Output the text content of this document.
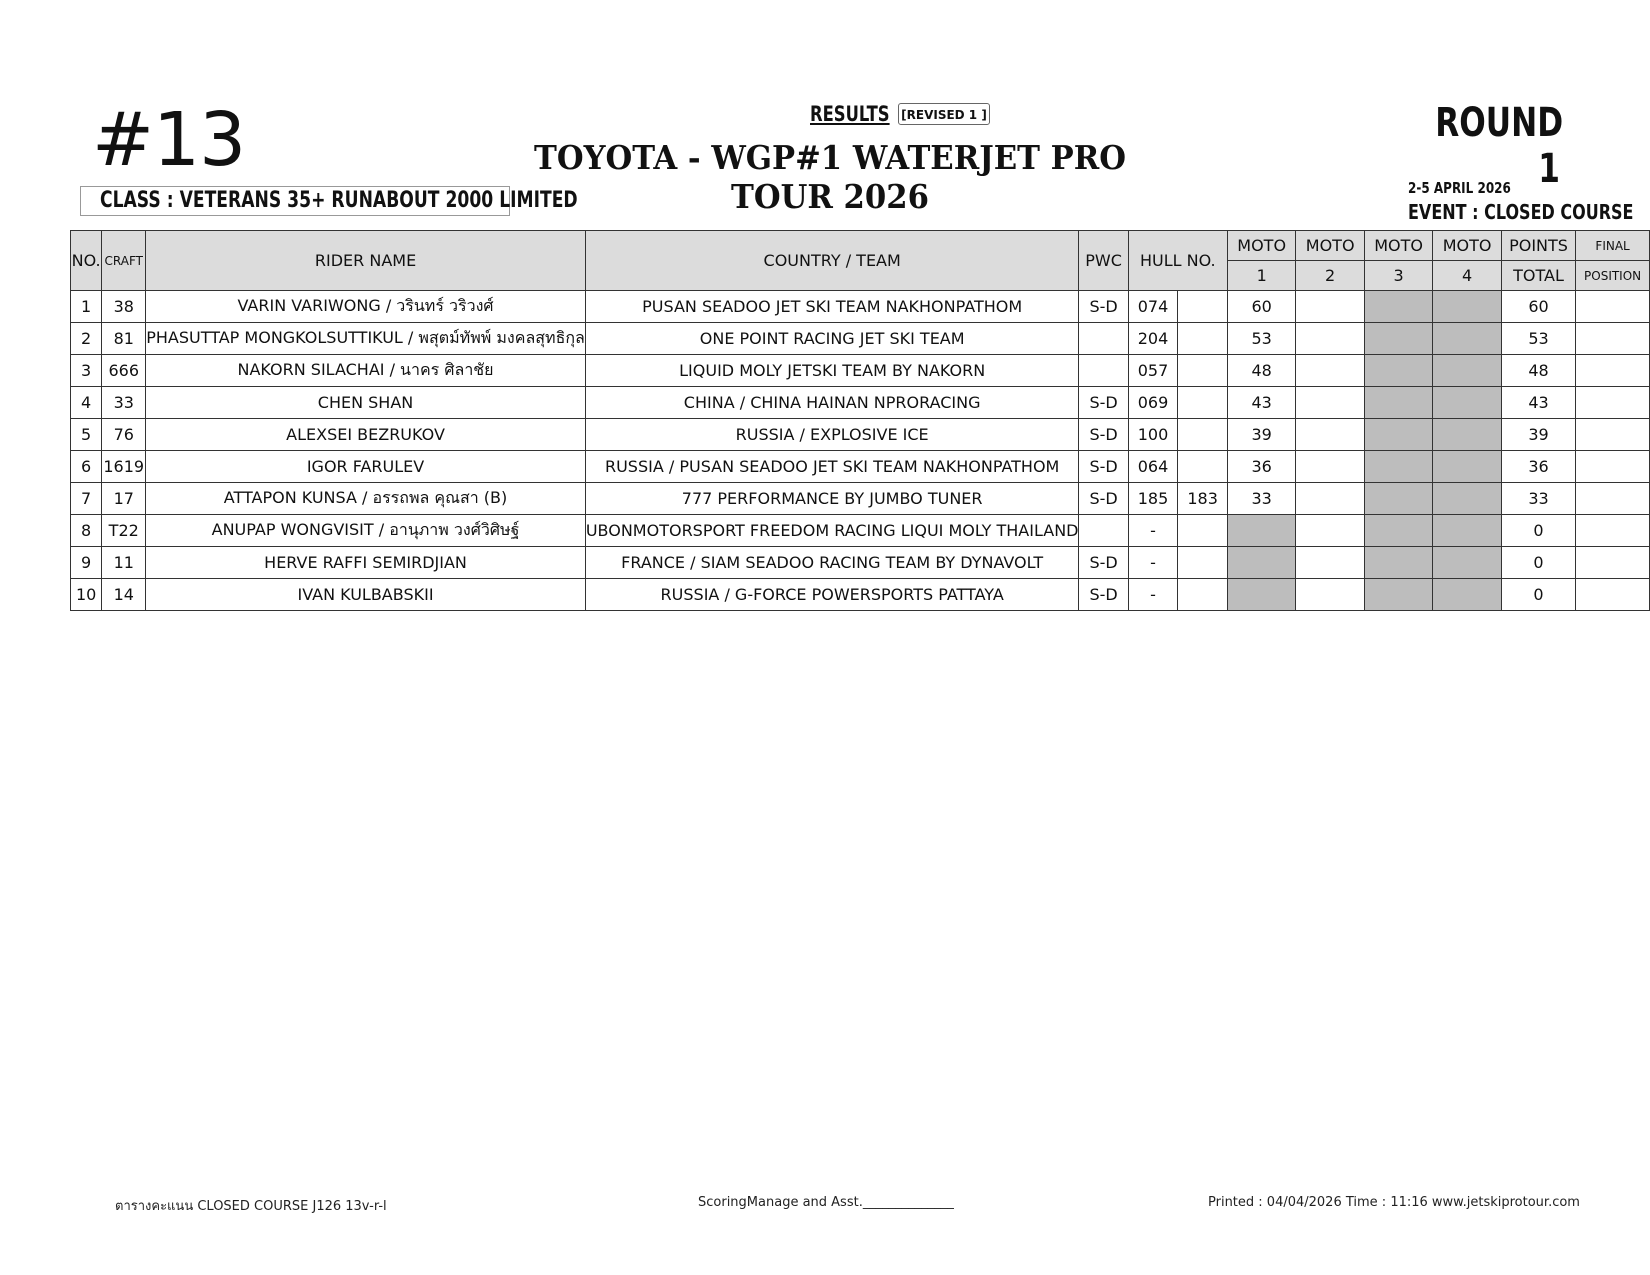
#13	RESULTS [REVISED 1 ]
TOYOTA - WGP#1 WATERJET PRO TOUR 2026
ROUND 1
CLASS : VETERANS 35+ RUNABOUT 2000 LIMITED	2-5 APRIL 2026
EVENT : CLOSED COURSE
NO.	CRAFT	RIDER NAME	COUNTRY / TEAM	PWC	HULL NO.		MOTO	MOTO	MOTO	MOTO	POINTS	FINAL
							1	2	3	4	TOTAL	POSITION
1	38	VARIN VARIWONG / วรินทร์ วริวงศ์	PUSAN SEADOO JET SKI TEAM NAKHONPATHOM	S-D	074		60				60	
2	81	PHASUTTAP MONGKOLSUTTIKUL / พสุตม์ทัพพ์ มงคลสุทธิกุล	ONE POINT RACING JET SKI TEAM		204		53				53	
3	666	NAKORN SILACHAI / นาคร ศิลาชัย	LIQUID MOLY JETSKI TEAM BY NAKORN		057		48				48	
4	33	CHEN SHAN	CHINA / CHINA HAINAN NPRORACING	S-D	069		43				43	
5	76	ALEXSEI BEZRUKOV	RUSSIA / EXPLOSIVE ICE	S-D	100		39				39	
6	1619	IGOR FARULEV	RUSSIA / PUSAN SEADOO JET SKI TEAM NAKHONPATHOM	S-D	064		36				36	
7	17	ATTAPON KUNSA / อรรถพล คุณสา (B)	777 PERFORMANCE BY JUMBO TUNER	S-D	185	183	33				33	
8	T22	ANUPAP WONGVISIT / อานุภาพ วงศ์วิศิษฐ์	UBONMOTORSPORT FREEDOM RACING LIQUI MOLY THAILAND		-						0	
9	11	HERVE RAFFI SEMIRDJIAN	FRANCE / SIAM SEADOO RACING TEAM BY DYNAVOLT	S-D	-						0	
10	14	IVAN KULBABSKII	RUSSIA / G-FORCE POWERSPORTS PATTAYA	S-D	-						0	
ตารางคะแนน CLOSED COURSE J126 13v-r-l	ScoringManage and Asst.______________	Printed : 04/04/2026 Time : 11:16 www.jetskiprotour.com
